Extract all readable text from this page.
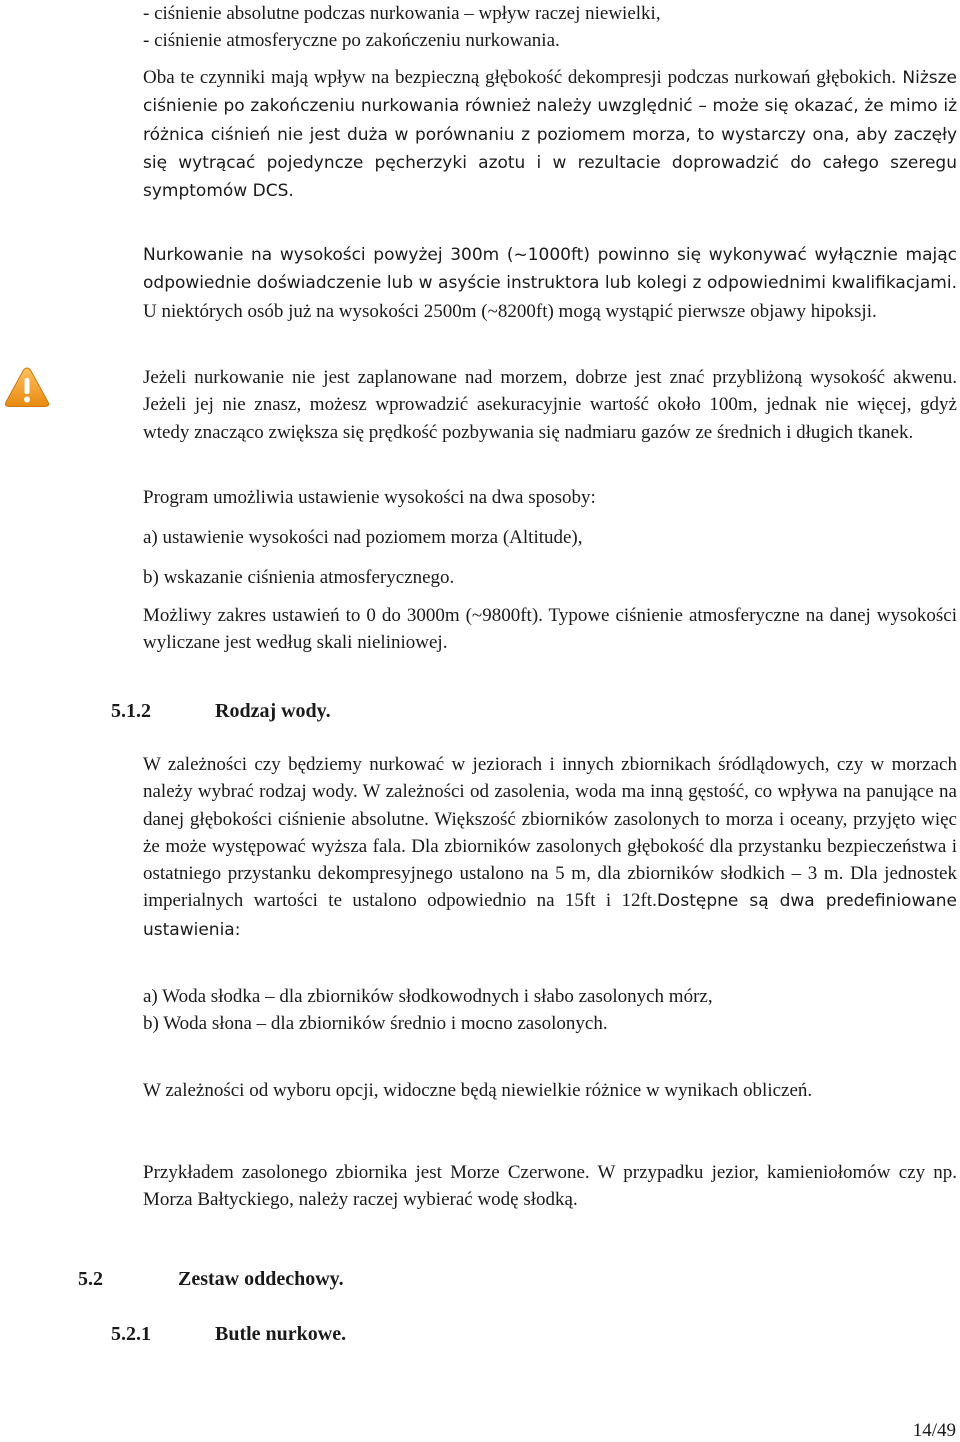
- ciśnienie absolutne podczas nurkowania – wpływ raczej niewielki,
- ciśnienie atmosferyczne po zakończeniu nurkowania.

Oba te czynniki mają wpływ na bezpieczną głębokość dekompresji podczas nurkowań głębokich. Niższe ciśnienie po zakończeniu nurkowania również należy uwzględnić – może się okazać, że mimo iż różnica ciśnień nie jest duża w porównaniu z poziomem morza, to wystarczy ona, aby zaczęły się wytrącać pojedyncze pęcherzyki azotu i w rezultacie doprowadzić do całego szeregu symptomów DCS.

Nurkowanie na wysokości powyżej 300m (~1000ft) powinno się wykonywać wyłącznie mając odpowiednie doświadczenie lub w asyście instruktora lub kolegi z odpowiednimi kwalifikacjami. U niektórych osób już na wysokości 2500m (~8200ft) mogą wystąpić pierwsze objawy hipoksji.

Jeżeli nurkowanie nie jest zaplanowane nad morzem, dobrze jest znać przybliżoną wysokość akwenu. Jeżeli jej nie znasz, możesz wprowadzić asekuracyjnie wartość około 100m, jednak nie więcej, gdyż wtedy znacząco zwiększa się prędkość pozbywania się nadmiaru gazów ze średnich i długich tkanek.

Program umożliwia ustawienie wysokości na dwa sposoby:

a) ustawienie wysokości nad poziomem morza (Altitude),

b) wskazanie ciśnienia atmosferycznego.

Możliwy zakres ustawień to 0 do 3000m (~9800ft). Typowe ciśnienie atmosferyczne na danej wysokości wyliczane jest według skali nieliniowej.

5.1.2	Rodzaj wody.

W zależności czy będziemy nurkować w jeziorach i innych zbiornikach śródlądowych, czy w morzach należy wybrać rodzaj wody. W zależności od zasolenia, woda ma inną gęstość, co wpływa na panujące na danej głębokości ciśnienie absolutne. Większość zbiorników zasolonych to morza i oceany, przyjęto więc że może występować wyższa fala. Dla zbiorników zasolonych głębokość dla przystanku bezpieczeństwa i ostatniego przystanku dekompresyjnego ustalono na 5 m, dla zbiorników słodkich – 3 m. Dla jednostek imperialnych wartości te ustalono odpowiednio na 15ft i 12ft.Dostępne są dwa predefiniowane ustawienia:

a) Woda słodka – dla zbiorników słodkowodnych i słabo zasolonych mórz,
b) Woda słona – dla zbiorników średnio i mocno zasolonych.

W zależności od wyboru opcji, widoczne będą niewielkie różnice w wynikach obliczeń.

Przykładem zasolonego zbiornika jest Morze Czerwone. W przypadku jezior, kamieniołomów czy np. Morza Bałtyckiego, należy raczej wybierać wodę słodką.

5.2	Zestaw oddechowy.
5.2.1	Butle nurkowe.
14/49
